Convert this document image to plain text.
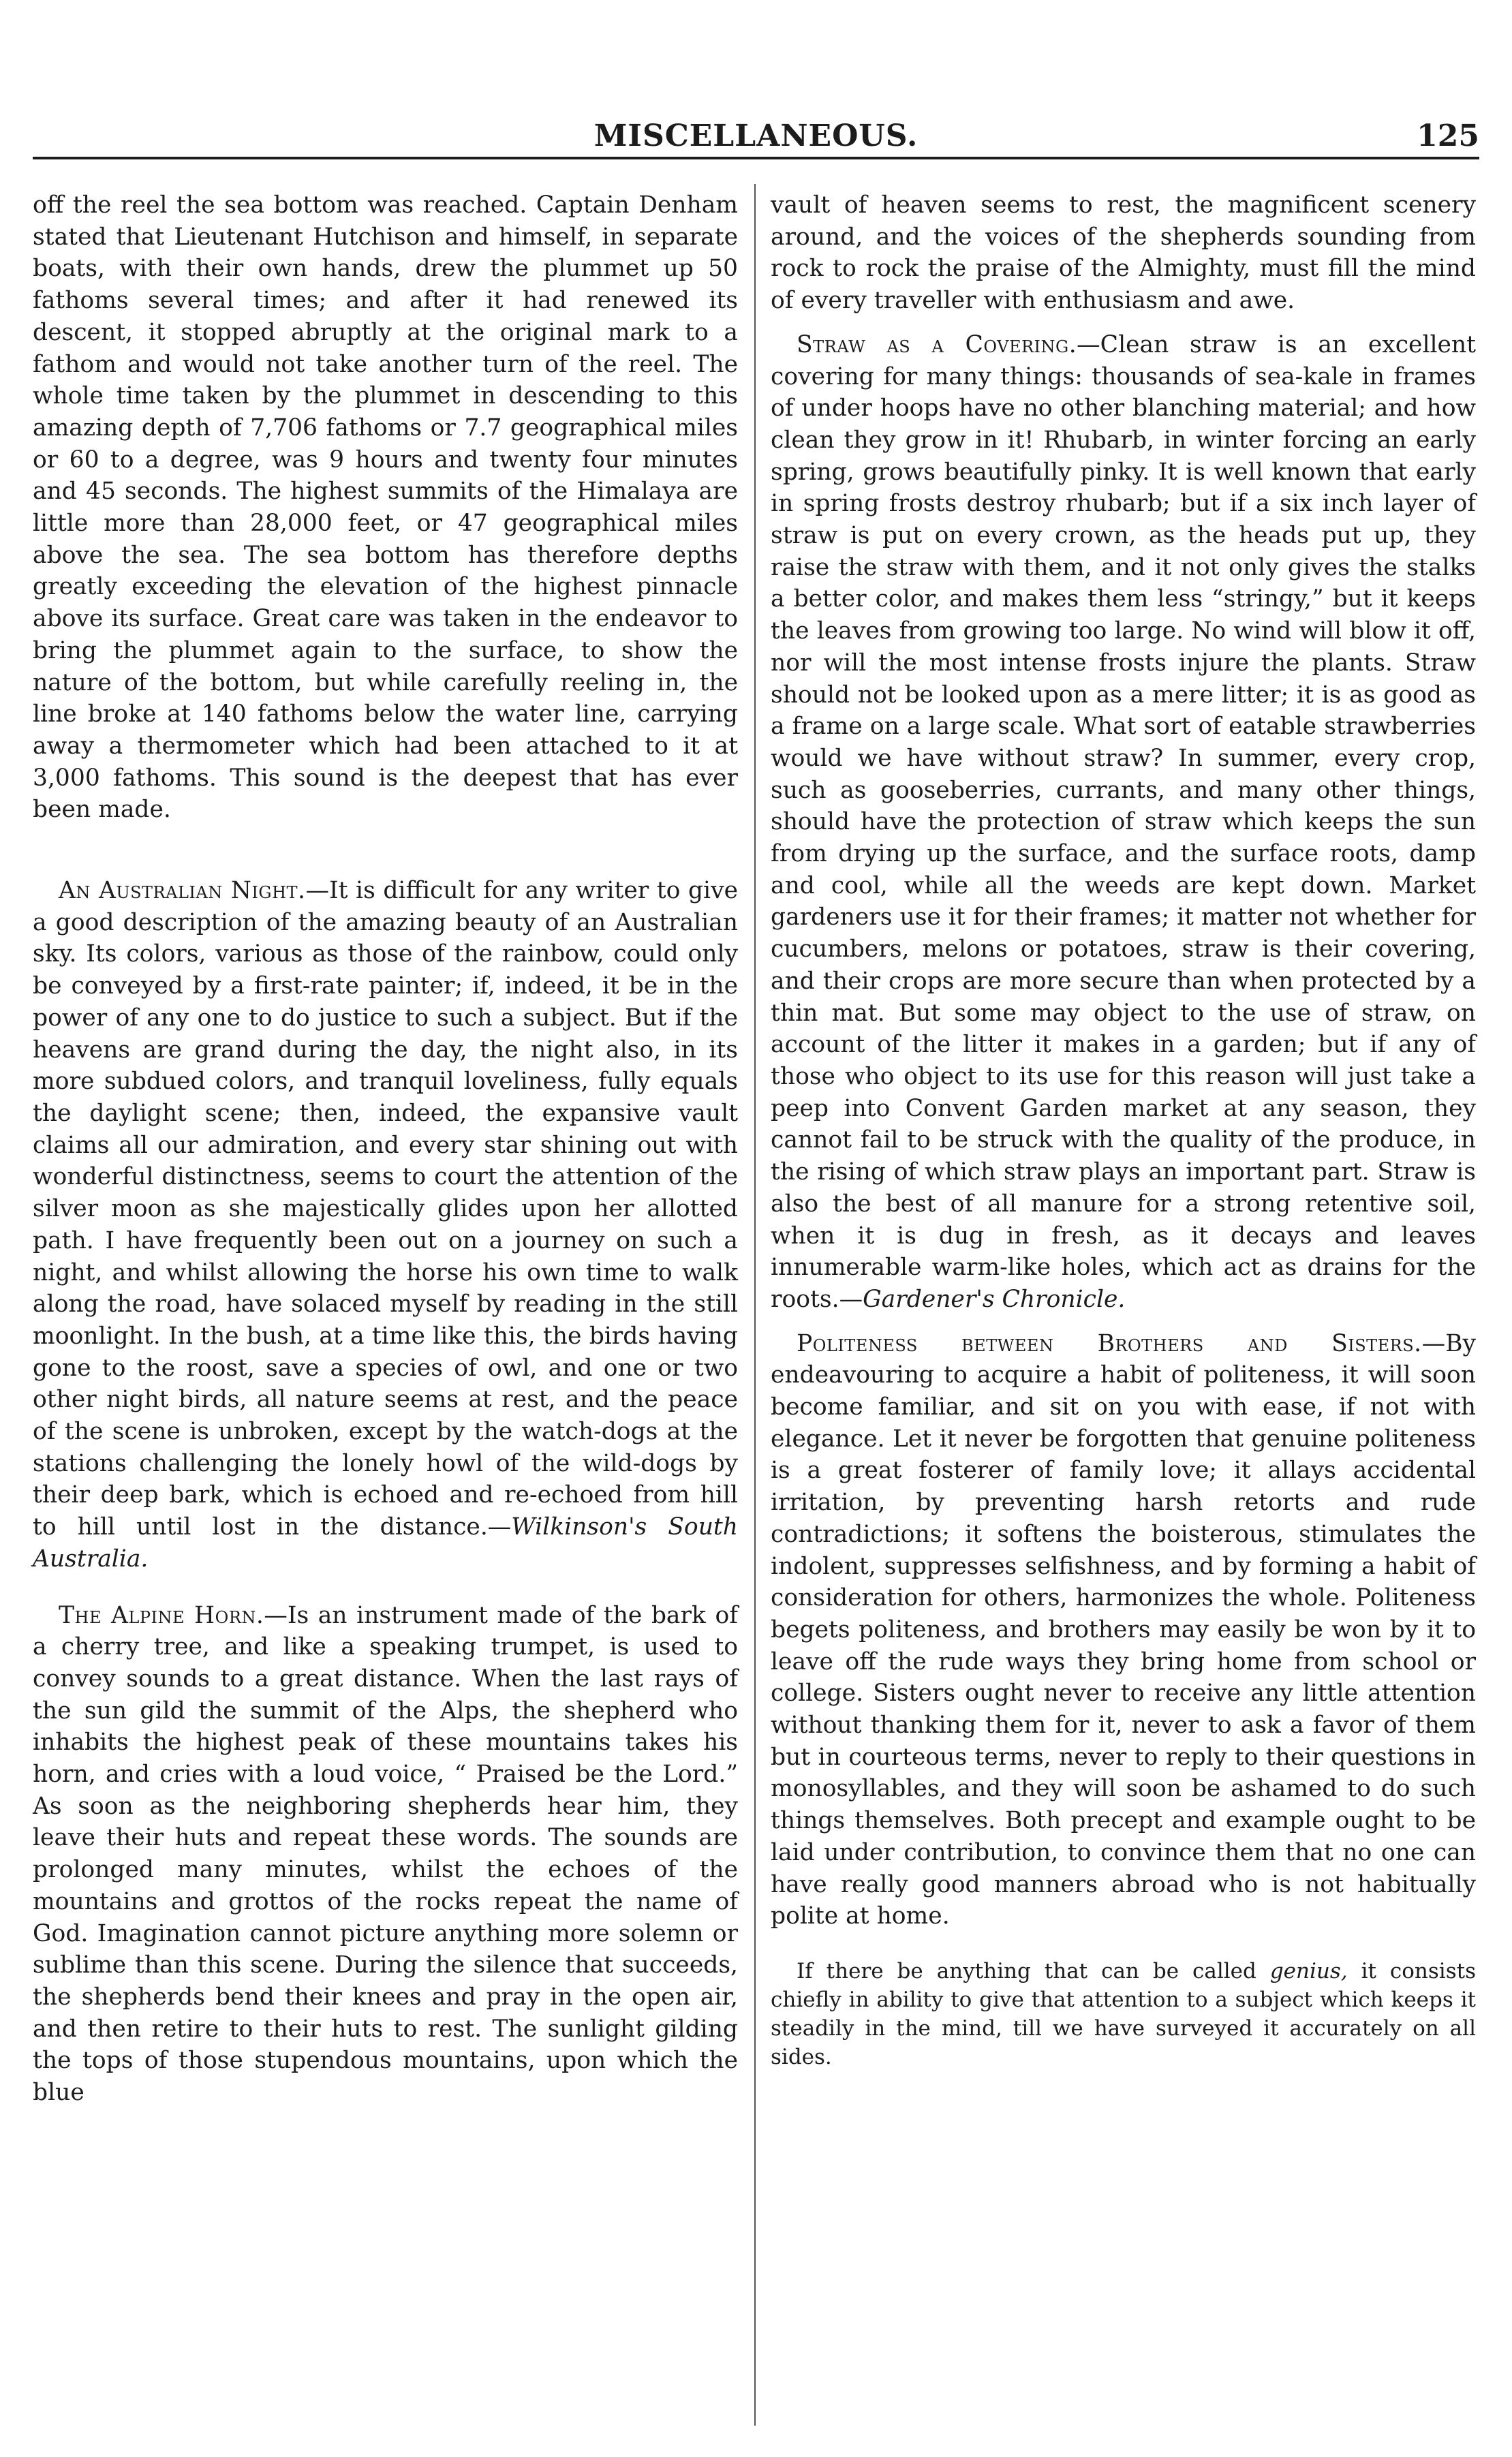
MISCELLANEOUS.	125

off the reel the sea bottom was reached. Captain Denham stated that Lieutenant Hutchison and himself, in separate boats, with their own hands, drew the plummet up 50 fathoms several times; and after it had renewed its descent, it stopped abruptly at the original mark to a fathom and would not take another turn of the reel. The whole time taken by the plummet in descending to this amazing depth of 7,706 fathoms or 7.7 geographical miles or 60 to a degree, was 9 hours and twenty four minutes and 45 seconds. The highest summits of the Himalaya are little more than 28,000 feet, or 47 geographical miles above the sea. The sea bottom has therefore depths greatly exceeding the elevation of the highest pinnacle above its surface. Great care was taken in the endeavor to bring the plummet again to the surface, to show the nature of the bottom, but while carefully reeling in, the line broke at 140 fathoms below the water line, carrying away a thermometer which had been attached to it at 3,000 fathoms. This sound is the deepest that has ever been made.

An Australian Night.—It is difficult for any writer to give a good description of the amazing beauty of an Australian sky. Its colors, various as those of the rainbow, could only be conveyed by a first-rate painter; if, indeed, it be in the power of any one to do justice to such a subject. But if the heavens are grand during the day, the night also, in its more subdued colors, and tranquil loveliness, fully equals the daylight scene; then, indeed, the expansive vault claims all our admiration, and every star shining out with wonderful distinctness, seems to court the attention of the silver moon as she majestically glides upon her allotted path. I have frequently been out on a journey on such a night, and whilst allowing the horse his own time to walk along the road, have solaced myself by reading in the still moonlight. In the bush, at a time like this, the birds having gone to the roost, save a species of owl, and one or two other night birds, all nature seems at rest, and the peace of the scene is unbroken, except by the watch-dogs at the stations challenging the lonely howl of the wild-dogs by their deep bark, which is echoed and re-echoed from hill to hill until lost in the distance.—Wilkinson's South Australia.

The Alpine Horn.—Is an instrument made of the bark of a cherry tree, and like a speaking trumpet, is used to convey sounds to a great distance. When the last rays of the sun gild the summit of the Alps, the shepherd who inhabits the highest peak of these mountains takes his horn, and cries with a loud voice, “ Praised be the Lord.” As soon as the neighboring shepherds hear him, they leave their huts and repeat these words. The sounds are prolonged many minutes, whilst the echoes of the mountains and grottos of the rocks repeat the name of God. Imagination cannot picture anything more solemn or sublime than this scene. During the silence that succeeds, the shepherds bend their knees and pray in the open air, and then retire to their huts to rest. The sunlight gilding the tops of those stupendous mountains, upon which the blue

vault of heaven seems to rest, the magnificent scenery around, and the voices of the shepherds sounding from rock to rock the praise of the Almighty, must fill the mind of every traveller with enthusiasm and awe.

Straw as a Covering.—Clean straw is an excellent covering for many things: thousands of sea-kale in frames of under hoops have no other blanching material; and how clean they grow in it! Rhubarb, in winter forcing an early spring, grows beautifully pinky. It is well known that early in spring frosts destroy rhubarb; but if a six inch layer of straw is put on every crown, as the heads put up, they raise the straw with them, and it not only gives the stalks a better color, and makes them less “stringy,” but it keeps the leaves from growing too large. No wind will blow it off, nor will the most intense frosts injure the plants. Straw should not be looked upon as a mere litter; it is as good as a frame on a large scale. What sort of eatable strawberries would we have without straw? In summer, every crop, such as gooseberries, currants, and many other things, should have the protection of straw which keeps the sun from drying up the surface, and the surface roots, damp and cool, while all the weeds are kept down. Market gardeners use it for their frames; it matter not whether for cucumbers, melons or potatoes, straw is their covering, and their crops are more secure than when protected by a thin mat. But some may object to the use of straw, on account of the litter it makes in a garden; but if any of those who object to its use for this reason will just take a peep into Convent Garden market at any season, they cannot fail to be struck with the quality of the produce, in the rising of which straw plays an important part. Straw is also the best of all manure for a strong retentive soil, when it is dug in fresh, as it decays and leaves innumerable warm-like holes, which act as drains for the roots.—Gardener's Chronicle.

Politeness between Brothers and Sisters.—By endeavouring to acquire a habit of politeness, it will soon become familiar, and sit on you with ease, if not with elegance. Let it never be forgotten that genuine politeness is a great fosterer of family love; it allays accidental irritation, by preventing harsh retorts and rude contradictions; it softens the boisterous, stimulates the indolent, suppresses selfishness, and by forming a habit of consideration for others, harmonizes the whole. Politeness begets politeness, and brothers may easily be won by it to leave off the rude ways they bring home from school or college. Sisters ought never to receive any little attention without thanking them for it, never to ask a favor of them but in courteous terms, never to reply to their questions in monosyllables, and they will soon be ashamed to do such things themselves. Both precept and example ought to be laid under contribution, to convince them that no one can have really good manners abroad who is not habitually polite at home.

If there be anything that can be called genius, it consists chiefly in ability to give that attention to a subject which keeps it steadily in the mind, till we have surveyed it accurately on all sides.
